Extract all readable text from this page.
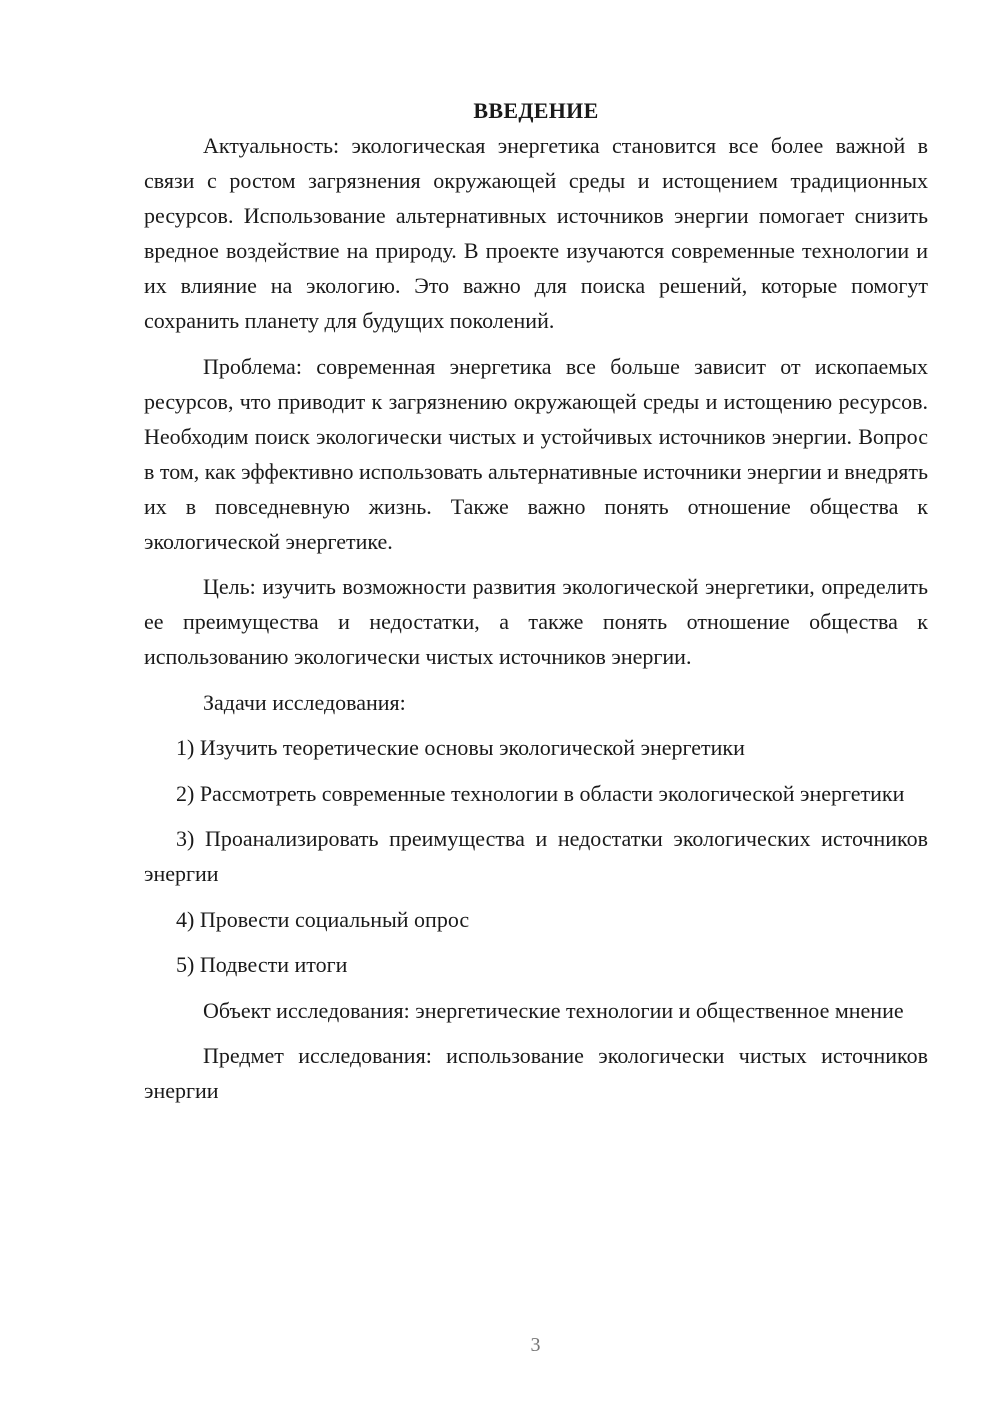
ВВЕДЕНИЕ

Актуальность: экологическая энергетика становится все более важной в связи с ростом загрязнения окружающей среды и истощением традиционных ресурсов. Использование альтернативных источников энергии помогает снизить вредное воздействие на природу. В проекте изучаются современные технологии и их влияние на экологию. Это важно для поиска решений, которые помогут сохранить планету для будущих поколений.

Проблема: современная энергетика все больше зависит от ископаемых ресурсов, что приводит к загрязнению окружающей среды и истощению ресурсов. Необходим поиск экологически чистых и устойчивых источников энергии. Вопрос в том, как эффективно использовать альтернативные источники энергии и внедрять их в повседневную жизнь. Также важно понять отношение общества к экологической энергетике.

Цель: изучить возможности развития экологической энергетики, определить ее преимущества и недостатки, а также понять отношение общества к использованию экологически чистых источников энергии.

Задачи исследования:

1) Изучить теоретические основы экологической энергетики

2) Рассмотреть современные технологии в области экологической энергетики

3) Проанализировать преимущества и недостатки экологических источников энергии

4) Провести социальный опрос

5) Подвести итоги

Объект исследования: энергетические технологии и общественное мнение

Предмет исследования: использование экологически чистых источников энергии

3
